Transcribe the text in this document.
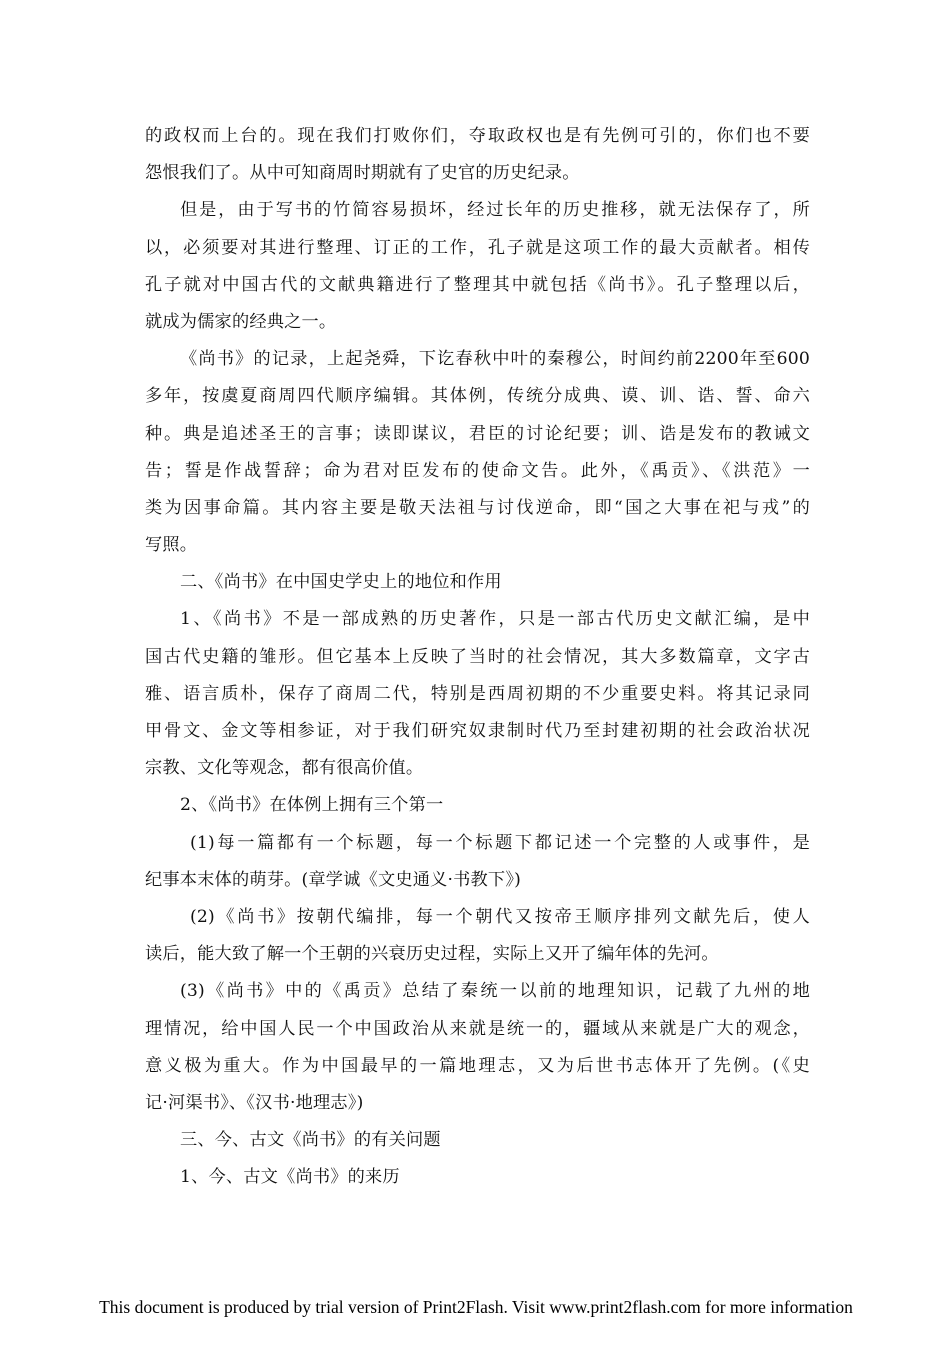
的政权而上台的。现在我们打败你们，夺取政权也是有先例可引的，你们也不要
怨恨我们了。从中可知商周时期就有了史官的历史纪录。
但是，由于写书的竹简容易损坏，经过长年的历史推移，就无法保存了，所
以，必须要对其进行整理、订正的工作，孔子就是这项工作的最大贡献者。相传
孔子就对中国古代的文献典籍进行了整理其中就包括《尚书》。孔子整理以后，
就成为儒家的经典之一。
《尚书》的记录，上起尧舜，下讫春秋中叶的秦穆公，时间约前2200年至600
多年，按虞夏商周四代顺序编辑。其体例，传统分成典、谟、训、诰、誓、命六
种。典是追述圣王的言事；读即谋议，君臣的讨论纪要；训、诰是发布的教诫文
告；誓是作战誓辞；命为君对臣发布的使命文告。此外，《禹贡》、《洪范》一
类为因事命篇。其内容主要是敬天法祖与讨伐逆命，即“国之大事在祀与戎”的
写照。
二、《尚书》在中国史学史上的地位和作用
1、《尚书》不是一部成熟的历史著作，只是一部古代历史文献汇编，是中
国古代史籍的雏形。但它基本上反映了当时的社会情况，其大多数篇章，文字古
雅、语言质朴，保存了商周二代，特别是西周初期的不少重要史料。将其记录同
甲骨文、金文等相参证，对于我们研究奴隶制时代乃至封建初期的社会政治状况
宗教、文化等观念，都有很高价值。
2、《尚书》在体例上拥有三个第一
(1)每一篇都有一个标题，每一个标题下都记述一个完整的人或事件，是
纪事本末体的萌芽。(章学诚《文史通义·书教下》)
(2)《尚书》按朝代编排，每一个朝代又按帝王顺序排列文献先后，使人
读后，能大致了解一个王朝的兴衰历史过程，实际上又开了编年体的先河。
(3)《尚书》中的《禹贡》总结了秦统一以前的地理知识，记载了九州的地
理情况，给中国人民一个中国政治从来就是统一的，疆域从来就是广大的观念，
意义极为重大。作为中国最早的一篇地理志，又为后世书志体开了先例。(《史
记·河渠书》、《汉书·地理志》)
三、今、古文《尚书》的有关问题
1、今、古文《尚书》的来历
This document is produced by trial version of Print2Flash. Visit www.print2flash.com for more information
